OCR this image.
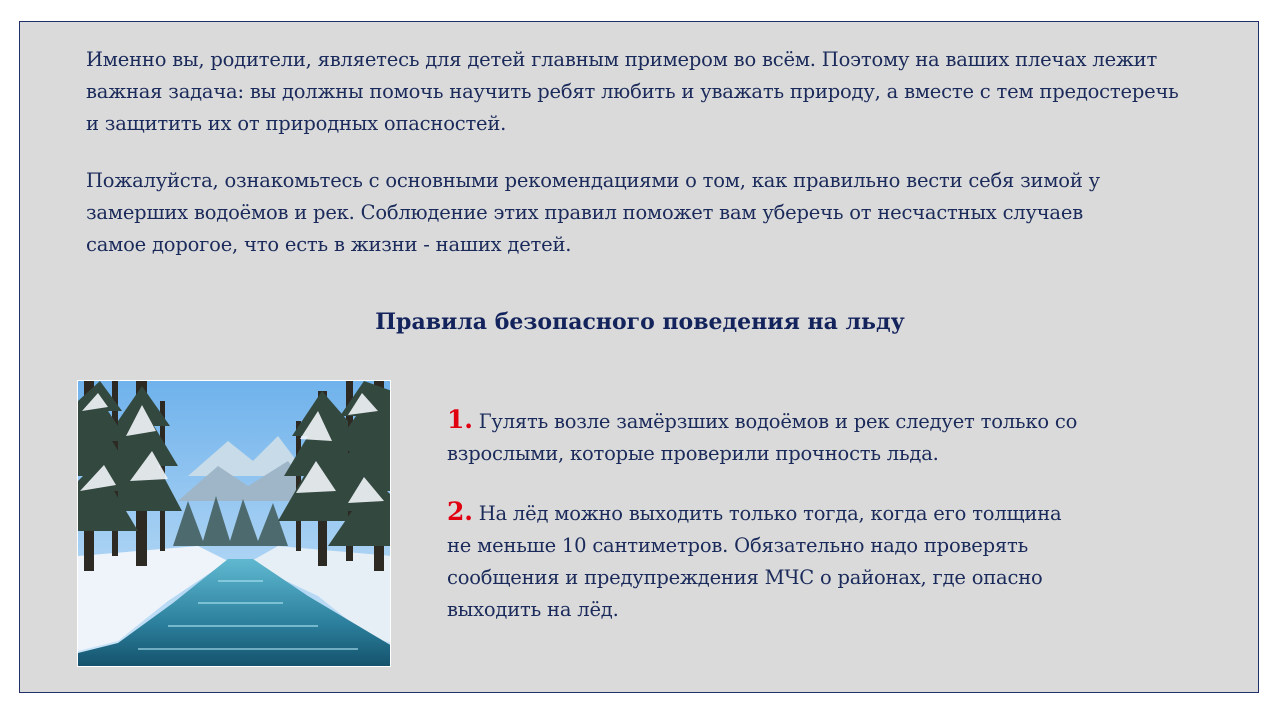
Именно вы, родители, являетесь для детей главным примером во всём. Поэтому на ваших плечах лежит важная задача: вы должны помочь научить ребят любить и уважать природу, а вместе с тем предостеречь и защитить их от природных опасностей.

Пожалуйста, ознакомьтесь с основными рекомендациями о том, как правильно вести себя зимой у замерших водоёмов и рек. Соблюдение этих правил поможет вам уберечь от несчастных случаев самое дорогое, что есть в жизни - наших детей.

Правила безопасного поведения на льду

1. Гулять возле замёрзших водоёмов и рек следует только со взрослыми, которые проверили прочность льда.

2. На лёд можно выходить только тогда, когда его толщина не меньше 10 сантиметров. Обязательно надо проверять сообщения и предупреждения МЧС о районах, где опасно выходить на лёд.
